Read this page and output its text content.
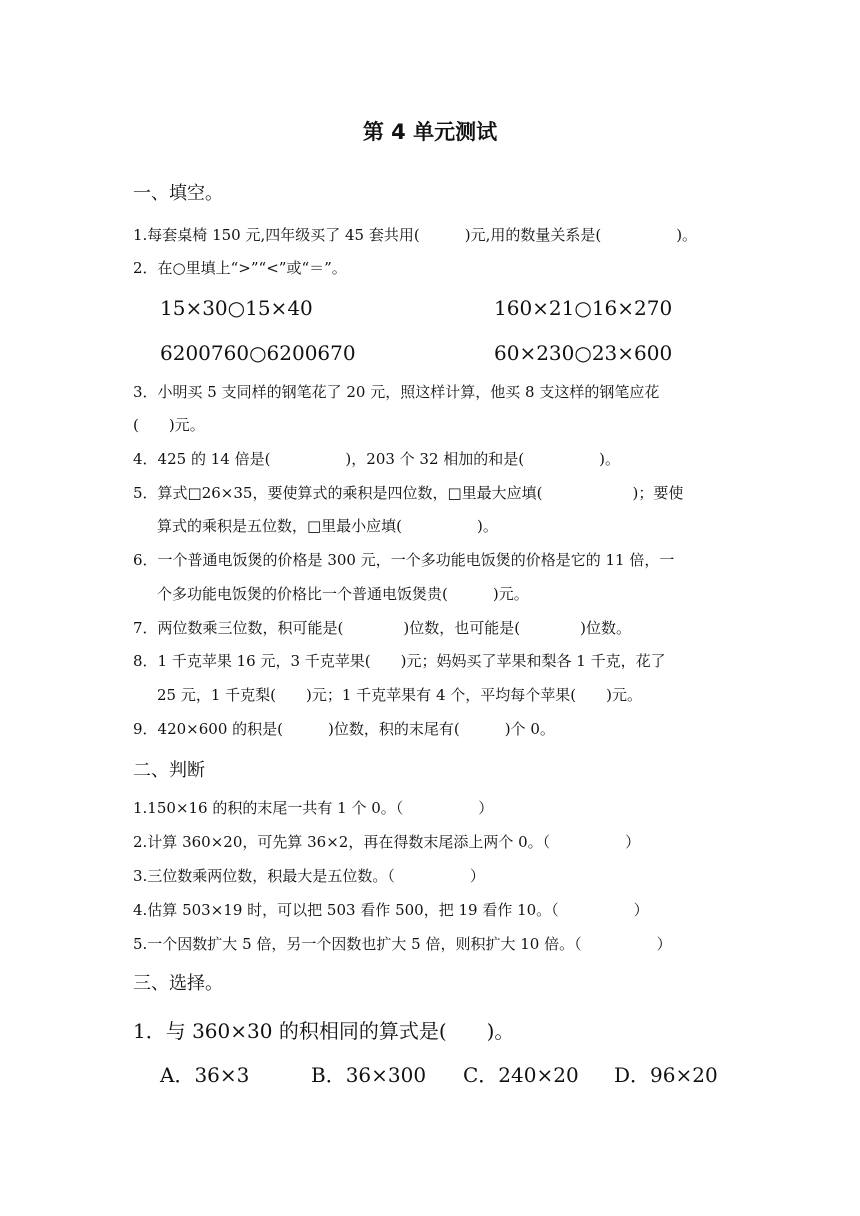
第 4 单元测试
一、填空。
1.每套桌椅 150 元,四年级买了 45 套共用(　　　)元,用的数量关系是(　　　　　)。
2．在○里填上“>”“<”或“＝”。
15×30○15×40	160×21○16×270
6200760○6200670	60×230○23×600
3．小明买 5 支同样的钢笔花了 20 元，照这样计算，他买 8 支这样的钢笔应花
(　　)元。
4．425 的 14 倍是(　　　　　)，203 个 32 相加的和是(　　　　　)。
5．算式□26×35，要使算式的乘积是四位数，□里最大应填(　　　　　　)；要使
算式的乘积是五位数，□里最小应填(　　　　　)。
6．一个普通电饭煲的价格是 300 元，一个多功能电饭煲的价格是它的 11 倍，一
个多功能电饭煲的价格比一个普通电饭煲贵(　　　)元。
7．两位数乘三位数，积可能是(　　　　)位数，也可能是(　　　　)位数。
8．1 千克苹果 16 元，3 千克苹果(　　)元；妈妈买了苹果和梨各 1 千克，花了
25 元，1 千克梨(　　)元；1 千克苹果有 4 个，平均每个苹果(　　)元。
9．420×600 的积是(　　　)位数，积的末尾有(　　　)个 0。
二、判断
1.150×16 的积的末尾一共有 1 个 0。（　　　　　）
2.计算 360×20，可先算 36×2，再在得数末尾添上两个 0。（　　　　　）
3.三位数乘两位数，积最大是五位数。（　　　　　）
4.估算 503×19 时，可以把 503 看作 500，把 19 看作 10。（　　　　　）
5.一个因数扩大 5 倍，另一个因数也扩大 5 倍，则积扩大 10 倍。（　　　　　）
三、选择。
1．与 360×30 的积相同的算式是(　　)。
A．36×3	B．36×300 C．240×20 D．96×20
